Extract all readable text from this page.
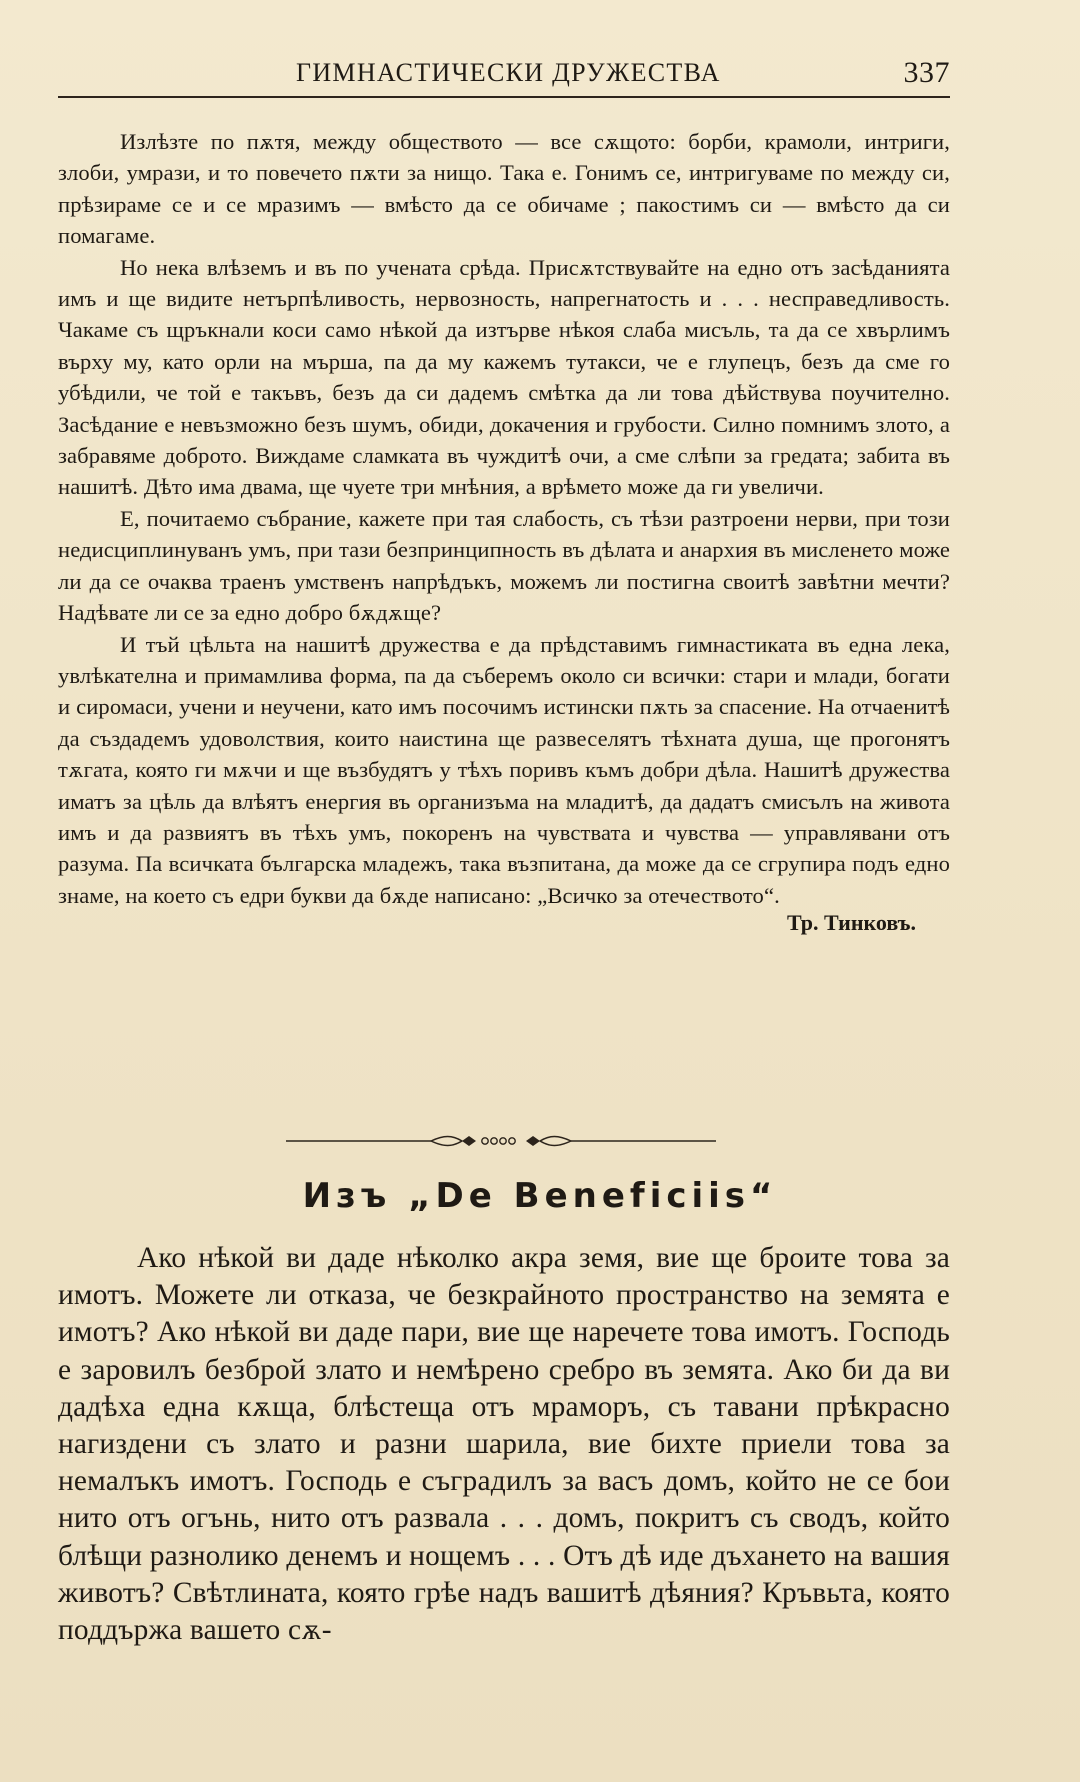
ГИМНАСТИЧЕСКИ ДРУЖЕСТВА	337

Излѣзте по пѫтя, между обществото — все сѫщото: борби, крамоли, интриги, злоби, умрази, и то повечето пѫти за нищо. Така е. Гонимъ се, интригуваме по между си, прѣзираме се и се мразимъ — вмѣсто да се обичаме ; пакостимъ си — вмѣсто да си помагаме.

Но нека влѣземъ и въ по учената срѣда. Присѫтствувайте на едно отъ засѣданията имъ и ще видите нетърпѣливость, нервозность, напрегнатость и . . . несправедливость. Чакаме съ щръкнали коси само нѣкой да изтърве нѣкоя слаба мисъль, та да се хвърлимъ върху му, като орли на мърша, па да му кажемъ тутакси, че е глупецъ, безъ да сме го убѣдили, че той е такъвъ, безъ да си дадемъ смѣтка да ли това дѣйствува поучително. Засѣдание е невъзможно безъ шумъ, обиди, докачения и грубости. Силно помнимъ злото, а забравяме доброто. Виждаме сламката въ чуждитѣ очи, а сме слѣпи за гредата; забита въ нашитѣ. Дѣто има двама, ще чуете три мнѣния, а врѣмето може да ги увеличи.

Е, почитаемо събрание, кажете при тая слабость, съ тѣзи разтроени нерви, при този недисциплинуванъ умъ, при тази безпринципность въ дѣлата и анархия въ мисленето може ли да се очаква траенъ умственъ напрѣдъкъ, можемъ ли постигна своитѣ завѣтни мечти? Надѣвате ли се за едно добро бѫдѫще?

И тъй цѣльта на нашитѣ дружества е да прѣдставимъ гимнастиката въ една лека, увлѣкателна и примамлива форма, па да съберемъ около си всички: стари и млади, богати и сиромаси, учени и неучени, като имъ посочимъ истински пѫть за спасение. На отчаенитѣ да създадемъ удоволствия, които наистина ще развеселятъ тѣхната душа, ще прогонятъ тѫгата, която ги мѫчи и ще възбудятъ у тѣхъ поривъ къмъ добри дѣла. Нашитѣ дружества иматъ за цѣль да влѣятъ енергия въ организъма на младитѣ, да дадатъ смисълъ на живота имъ и да развиятъ въ тѣхъ умъ, покоренъ на чувствата и чувства — управлявани отъ разума. Па всичката българска младежъ, така възпитана, да може да се сгрупира подъ едно знаме, на което съ едри букви да бѫде написано: „Всичко за отечеството“.

Тр. Тинковъ.
Изъ „De Beneficiis“

Ако нѣкой ви даде нѣколко акра земя, вие ще броите това за имотъ. Можете ли отказа, че безкрайното пространство на земята е имотъ? Ако нѣкой ви даде пари, вие ще наречете това имотъ. Господь е заровилъ безброй злато и немѣрено сребро въ земята. Ако би да ви дадѣха една кѫща, блѣстеща отъ мраморъ, съ тавани прѣкрасно нагиздени съ злато и разни шарила, вие бихте приели това за немалъкъ имотъ. Господь е съградилъ за васъ домъ, който не се бои нито отъ огънь, нито отъ развала . . . домъ, покритъ съ сводъ, който блѣщи разнолико денемъ и нощемъ . . . Отъ дѣ иде дъхането на вашия животъ? Свѣтлината, която грѣе надъ вашитѣ дѣяния? Кръвьта, която поддържа вашето сѫ-
